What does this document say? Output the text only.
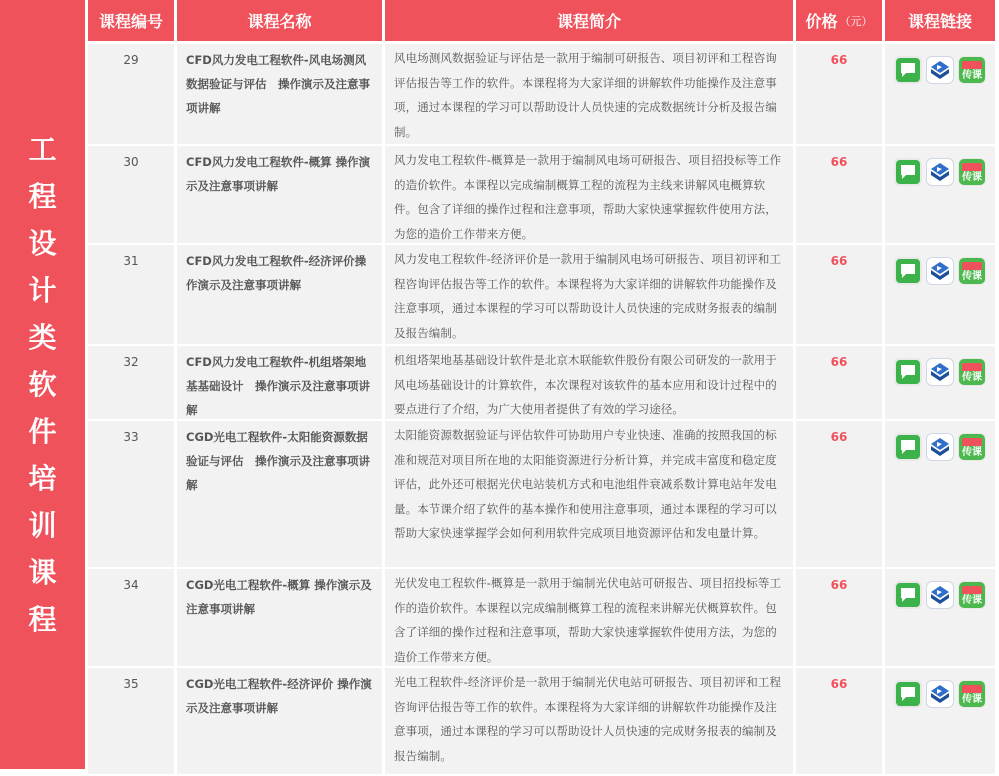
工
程
设
计
类
软
件
培
训
课
程
课程编号	课程名称	课程简介	价格 （元）	课程链接
29	CFD风力发电工程软件-风电场测风数据验证与评估　操作演示及注意事项讲解
风电场测风数据验证与评估是一款用于编制可研报告、项目初评和工程咨询评估报告等工作的软件。本课程将为大家详细的讲解软件功能操作及注意事项，通过本课程的学习可以帮助设计人员快速的完成数据统计分析及报告编制。
66
传课
30	CFD风力发电工程软件-概算 操作演示及注意事项讲解
风力发电工程软件-概算是一款用于编制风电场可研报告、项目招投标等工作的造价软件。本课程以完成编制概算工程的流程为主线来讲解风电概算软件。包含了详细的操作过程和注意事项，帮助大家快速掌握软件使用方法，为您的造价工作带来方便。
66
传课
31	CFD风力发电工程软件-经济评价操作演示及注意事项讲解
风力发电工程软件-经济评价是一款用于编制风电场可研报告、项目初评和工程咨询评估报告等工作的软件。本课程将为大家详细的讲解软件功能操作及注意事项，通过本课程的学习可以帮助设计人员快速的完成财务报表的编制及报告编制。
66
传课
32	CFD风力发电工程软件-机组塔架地基基础设计　操作演示及注意事项讲解
机组塔架地基基础设计软件是北京木联能软件股份有限公司研发的一款用于风电场基础设计的计算软件，本次课程对该软件的基本应用和设计过程中的要点进行了介绍，为广大使用者提供了有效的学习途径。
66
传课
33	CGD光电工程软件-太阳能资源数据验证与评估　操作演示及注意事项讲解
太阳能资源数据验证与评估软件可协助用户专业快速、准确的按照我国的标准和规范对项目所在地的太阳能资源进行分析计算，并完成丰富度和稳定度评估，此外还可根据光伏电站装机方式和电池组件衰减系数计算电站年发电量。本节课介绍了软件的基本操作和使用注意事项，通过本课程的学习可以帮助大家快速掌握学会如何利用软件完成项目地资源评估和发电量计算。
66
传课
34	CGD光电工程软件-概算 操作演示及注意事项讲解
光伏发电工程软件-概算是一款用于编制光伏电站可研报告、项目招投标等工作的造价软件。本课程以完成编制概算工程的流程来讲解光伏概算软件。包含了详细的操作过程和注意事项，帮助大家快速掌握软件使用方法，为您的造价工作带来方便。
66
传课
35	CGD光电工程软件-经济评价 操作演示及注意事项讲解
光电工程软件-经济评价是一款用于编制光伏电站可研报告、项目初评和工程咨询评估报告等工作的软件。本课程将为大家详细的讲解软件功能操作及注意事项，通过本课程的学习可以帮助设计人员快速的完成财务报表的编制及报告编制。
66
传课
